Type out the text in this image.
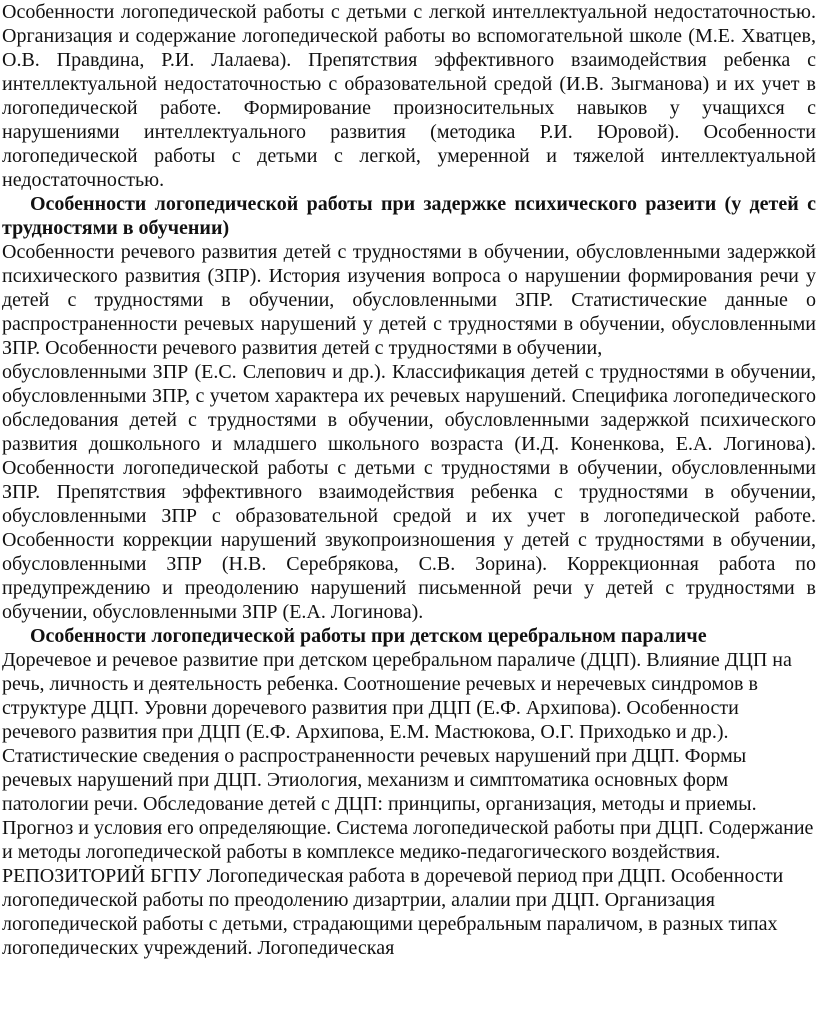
Особенности логопедической работы с детьми с легкой интеллектуальной недостаточностью. Организация и содержание логопедической работы во вспомогательной школе (М.Е. Хватцев, О.В. Правдина, Р.И. Лалаева). Препятствия эффективного взаимодействия ребенка с интеллектуальной недостаточностью с образовательной средой (И.В. Зыгманова) и их учет в логопедической работе. Формирование произносительных навыков у учащихся с нарушениями интеллектуального развития (методика Р.И. Юровой). Особенности логопедической работы с детьми с легкой, умеренной и тяжелой интеллектуальной недостаточностью.

Особенности логопедической работы при задержке психического разеити (у детей с трудностями в обучении)

Особенности речевого развития детей с трудностями в обучении, обусловленными задержкой психического развития (ЗПР). История изучения вопроса о нарушении формирования речи у детей с трудностями в обучении, обусловленными ЗПР. Статистические данные о распространенности речевых нарушений у детей с трудностями в обучении, обусловленными ЗПР. Особенности речевого развития детей с трудностями в обучении,

обусловленными ЗПР (Е.С. Слепович и др.). Классификация детей с трудностями в обучении, обусловленными ЗПР, с учетом характера их речевых нарушений. Специфика логопедического обследования детей с трудностями в обучении, обусловленными задержкой психического развития дошкольного и младшего школьного возраста (И.Д. Коненкова, Е.А. Логинова). Особенности логопедической работы с детьми с трудностями в обучении, обусловленными ЗПР. Препятствия эффективного взаимодействия ребенка с трудностями в обучении, обусловленными ЗПР с образовательной средой и их учет в логопедической работе. Особенности коррекции нарушений звукопроизношения у детей с трудностями в обучении, обусловленными ЗПР (Н.В. Серебрякова, С.В. Зорина). Коррекционная работа по предупреждению и преодолению нарушений письменной речи у детей с трудностями в обучении, обусловленными ЗПР (Е.А. Логинова).

Особенности логопедической работы при детском церебральном параличе

Доречевое и речевое развитие при детском церебральном параличе (ДЦП). Влияние ДЦП на речь, личность и деятельность ребенка. Соотношение речевых и неречевых синдромов в структуре ДЦП. Уровни доречевого развития при ДЦП (Е.Ф. Архипова). Особенности речевого развития при ДЦП (Е.Ф. Архипова, Е.М. Мастюкова, О.Г. Приходько и др.). Статистические сведения о распространенности речевых нарушений при ДЦП. Формы речевых нарушений при ДЦП. Этиология, механизм и симптоматика основных форм патологии речи. Обследование детей с ДЦП: принципы, организация, методы и приемы. Прогноз и условия его определяющие. Система логопедической работы при ДЦП. Содержание и методы логопедической работы в комплексе медико-педагогического воздействия. РЕПОЗИТОРИЙ БГПУ Логопедическая работа в доречевой период при ДЦП. Особенности логопедической работы по преодолению дизартрии, алалии при ДЦП. Организация логопедической работы с детьми, страдающими церебральным параличом, в разных типах логопедических учреждений. Логопедическая
